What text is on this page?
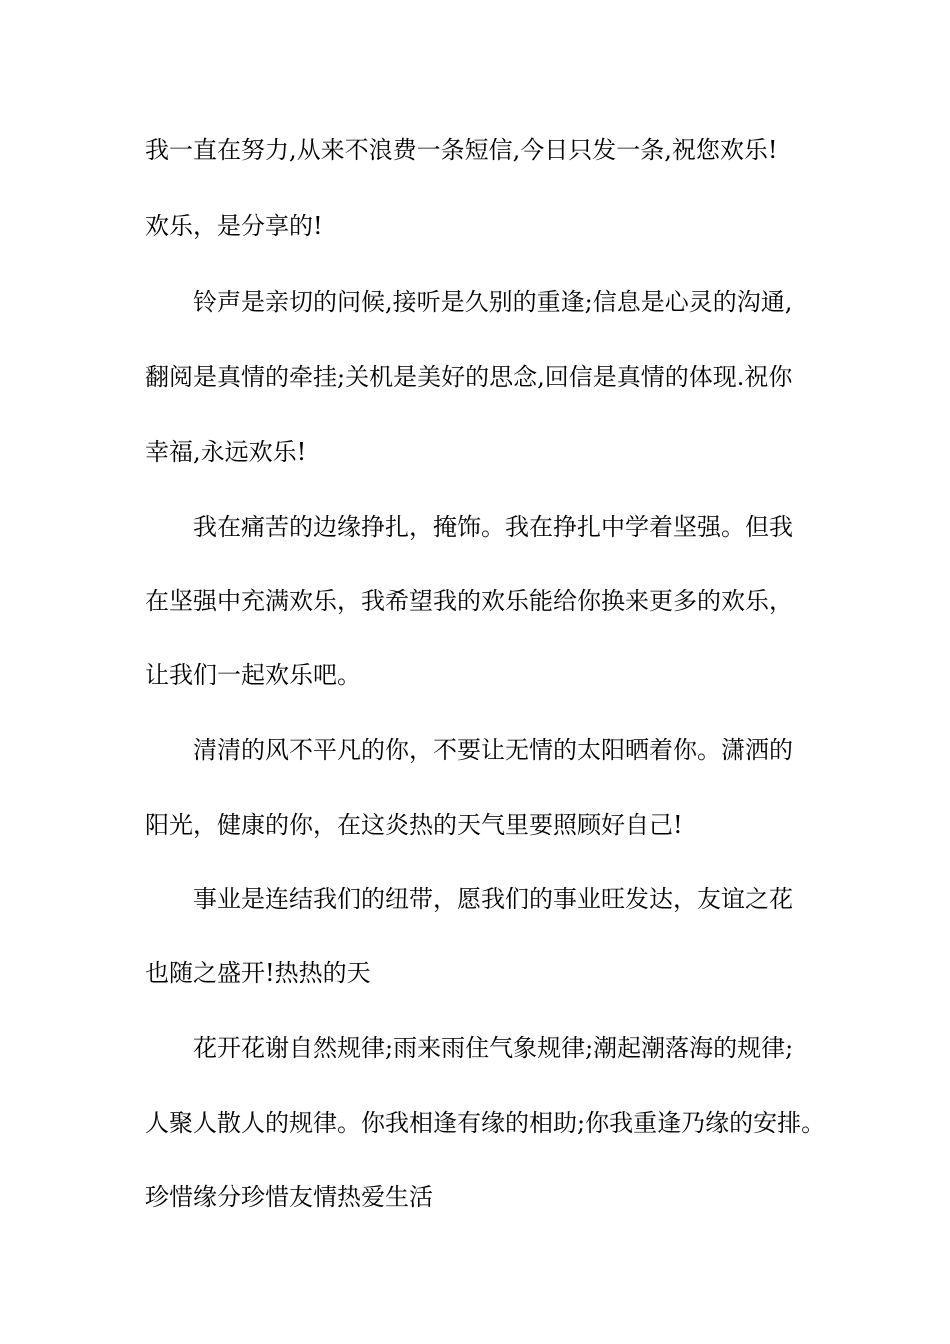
我一直在努力,从来不浪费一条短信,今日只发一条,祝您欢乐!
欢乐，是分享的!
铃声是亲切的问候,接听是久别的重逢;信息是心灵的沟通,
翻阅是真情的牵挂;关机是美好的思念,回信是真情的体现.祝你
幸福,永远欢乐!
我在痛苦的边缘挣扎，掩饰。我在挣扎中学着坚强。但我
在坚强中充满欢乐，我希望我的欢乐能给你换来更多的欢乐，
让我们一起欢乐吧。
清清的风不平凡的你，不要让无情的太阳晒着你。潇洒的
阳光，健康的你，在这炎热的天气里要照顾好自己!
事业是连结我们的纽带，愿我们的事业旺发达，友谊之花
也随之盛开!热热的天
花开花谢自然规律;雨来雨住气象规律;潮起潮落海的规律;
人聚人散人的规律。你我相逢有缘的相助;你我重逢乃缘的安排。
珍惜缘分珍惜友情热爱生活
